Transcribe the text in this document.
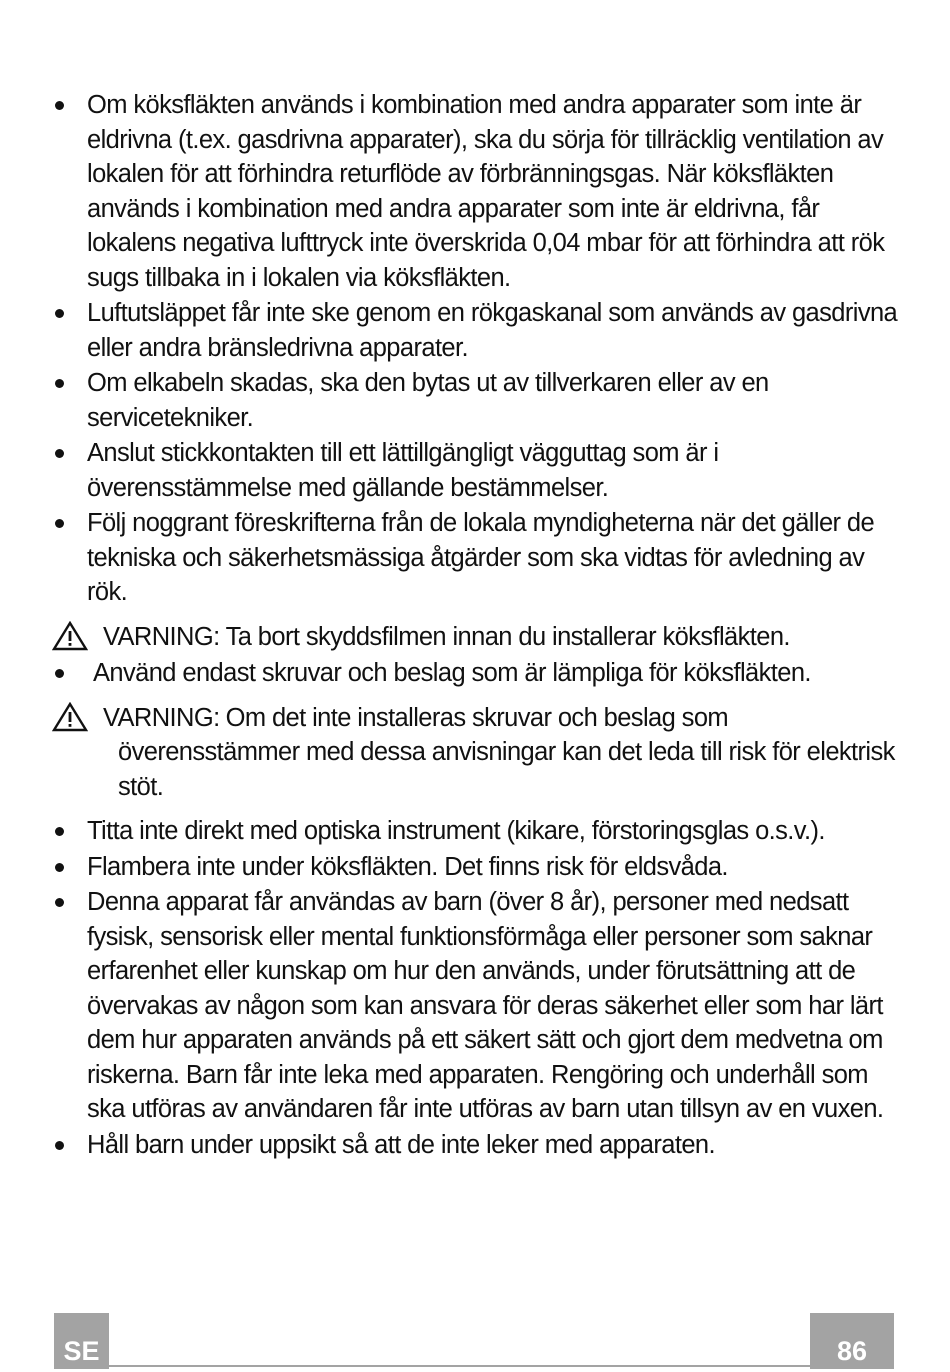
Om köksfläkten används i kombination med andra apparater som inte är eldrivna (t.ex. gasdrivna apparater), ska du sörja för tillräcklig ventilation av lokalen för att förhindra returflöde av förbränningsgas. När köksfläkten används i kombination med andra apparater som inte är eldrivna, får lokalens negativa lufttryck inte överskrida 0,04 mbar för att förhindra att rök sugs tillbaka in i lokalen via köksfläkten.
Luftutsläppet får inte ske genom en rökgaskanal som används av gasdrivna eller andra bränsledrivna apparater.
Om elkabeln skadas, ska den bytas ut av tillverkaren eller av en servicetekniker.
Anslut stickkontakten till ett lättillgängligt vägguttag som är i överensstämmelse med gällande bestämmelser.
Följ noggrant föreskrifterna från de lokala myndigheterna när det gäller de tekniska och säkerhetsmässiga åtgärder som ska vidtas för avledning av rök.
VARNING: Ta bort skyddsfilmen innan du installerar köksfläkten.
Använd endast skruvar och beslag som är lämpliga för köksfläkten.
VARNING: Om det inte installeras skruvar och beslag som
överensstämmer med dessa anvisningar kan det leda till risk för elektrisk stöt.
Titta inte direkt med optiska instrument (kikare, förstoringsglas o.s.v.).
Flambera inte under köksfläkten. Det finns risk för eldsvåda.
Denna apparat får användas av barn (över 8 år), personer med nedsatt fysisk, sensorisk eller mental funktionsförmåga eller personer som saknar erfarenhet eller kunskap om hur den används, under förutsättning att de övervakas av någon som kan ansvara för deras säkerhet eller som har lärt dem hur apparaten används på ett säkert sätt och gjort dem medvetna om riskerna. Barn får inte leka med apparaten. Rengöring och underhåll som ska utföras av användaren får inte utföras av barn utan tillsyn av en vuxen.
Håll barn under uppsikt så att de inte leker med apparaten.
SE	86
